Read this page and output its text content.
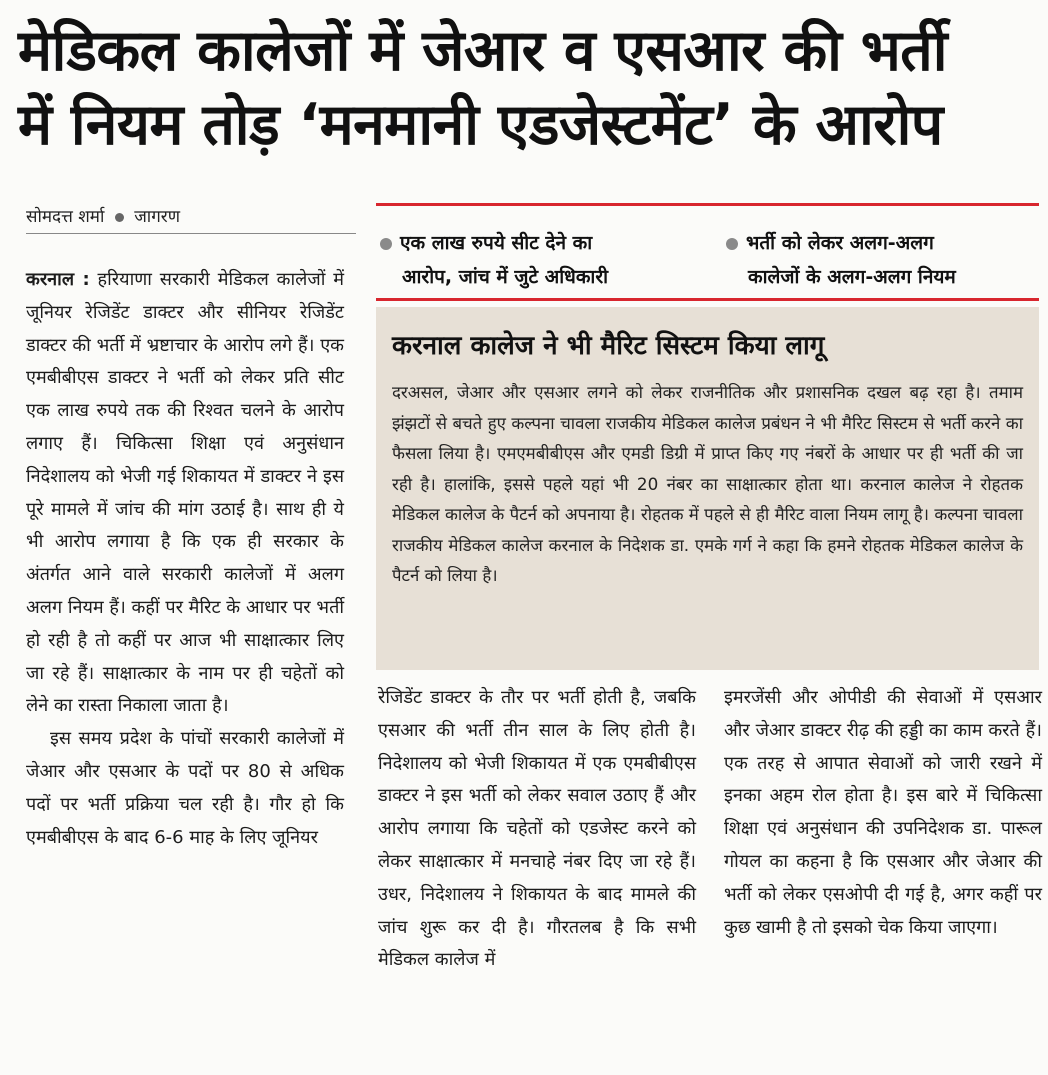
मेडिकल कालेजों में जेआर व एसआर की भर्ती
में नियम तोड़ ‘मनमानी एडजेस्टमेंट’ के आरोप
सोमदत्त शर्मा जागरण
एक लाख रुपये सीट देने का
आरोप, जांच में जुटे अधिकारी
भर्ती को लेकर अलग-अलग
कालेजों के अलग-अलग नियम
करनाल कालेज ने भी मैरिट सिस्टम किया लागू

दरअसल, जेआर और एसआर लगने को लेकर राजनीतिक और प्रशासनिक दखल बढ़ रहा है। तमाम झंझटों से बचते हुए कल्पना चावला राजकीय मेडिकल कालेज प्रबंधन ने भी मैरिट सिस्टम से भर्ती करने का फैसला लिया है। एमएमबीबीएस और एमडी डिग्री में प्राप्त किए गए नंबरों के आधार पर ही भर्ती की जा रही है। हालांकि, इससे पहले यहां भी 20 नंबर का साक्षात्कार होता था। करनाल कालेज ने रोहतक मेडिकल कालेज के पैटर्न को अपनाया है। रोहतक में पहले से ही मैरिट वाला नियम लागू है। कल्पना चावला राजकीय मेडिकल कालेज करनाल के निदेशक डा. एमके गर्ग ने कहा कि हमने रोहतक मेडिकल कालेज के पैटर्न को लिया है।

करनाल : हरियाणा सरकारी मेडिकल कालेजों में जूनियर रेजिडेंट डाक्टर और सीनियर रेजिडेंट डाक्टर की भर्ती में भ्रष्टाचार के आरोप लगे हैं। एक एमबीबीएस डाक्टर ने भर्ती को लेकर प्रति सीट एक लाख रुपये तक की रिश्वत चलने के आरोप लगाए हैं। चिकित्सा शिक्षा एवं अनुसंधान निदेशालय को भेजी गई शिकायत में डाक्टर ने इस पूरे मामले में जांच की मांग उठाई है। साथ ही ये भी आरोप लगाया है कि एक ही सरकार के अंतर्गत आने वाले सरकारी कालेजों में अलग अलग नियम हैं। कहीं पर मैरिट के आधार पर भर्ती हो रही है तो कहीं पर आज भी साक्षात्कार लिए जा रहे हैं। साक्षात्कार के नाम पर ही चहेतों को लेने का रास्ता निकाला जाता है।

इस समय प्रदेश के पांचों सरकारी कालेजों में जेआर और एसआर के पदों पर 80 से अधिक पदों पर भर्ती प्रक्रिया चल रही है। गौर हो कि एमबीबीएस के बाद 6-6 माह के लिए जूनियर

रेजिडेंट डाक्टर के तौर पर भर्ती होती है, जबकि एसआर की भर्ती तीन साल के लिए होती है। निदेशालय को भेजी शिकायत में एक एमबीबीएस डाक्टर ने इस भर्ती को लेकर सवाल उठाए हैं और आरोप लगाया कि चहेतों को एडजेस्ट करने को लेकर साक्षात्कार में मनचाहे नंबर दिए जा रहे हैं। उधर, निदेशालय ने शिकायत के बाद मामले की जांच शुरू कर दी है। गौरतलब है कि सभी मेडिकल कालेज में

इमरजेंसी और ओपीडी की सेवाओं में एसआर और जेआर डाक्टर रीढ़ की हड्डी का काम करते हैं। एक तरह से आपात सेवाओं को जारी रखने में इनका अहम रोल होता है। इस बारे में चिकित्सा शिक्षा एवं अनुसंधान की उपनिदेशक डा. पारूल गोयल का कहना है कि एसआर और जेआर की भर्ती को लेकर एसओपी दी गई है, अगर कहीं पर कुछ खामी है तो इसको चेक किया जाएगा।
